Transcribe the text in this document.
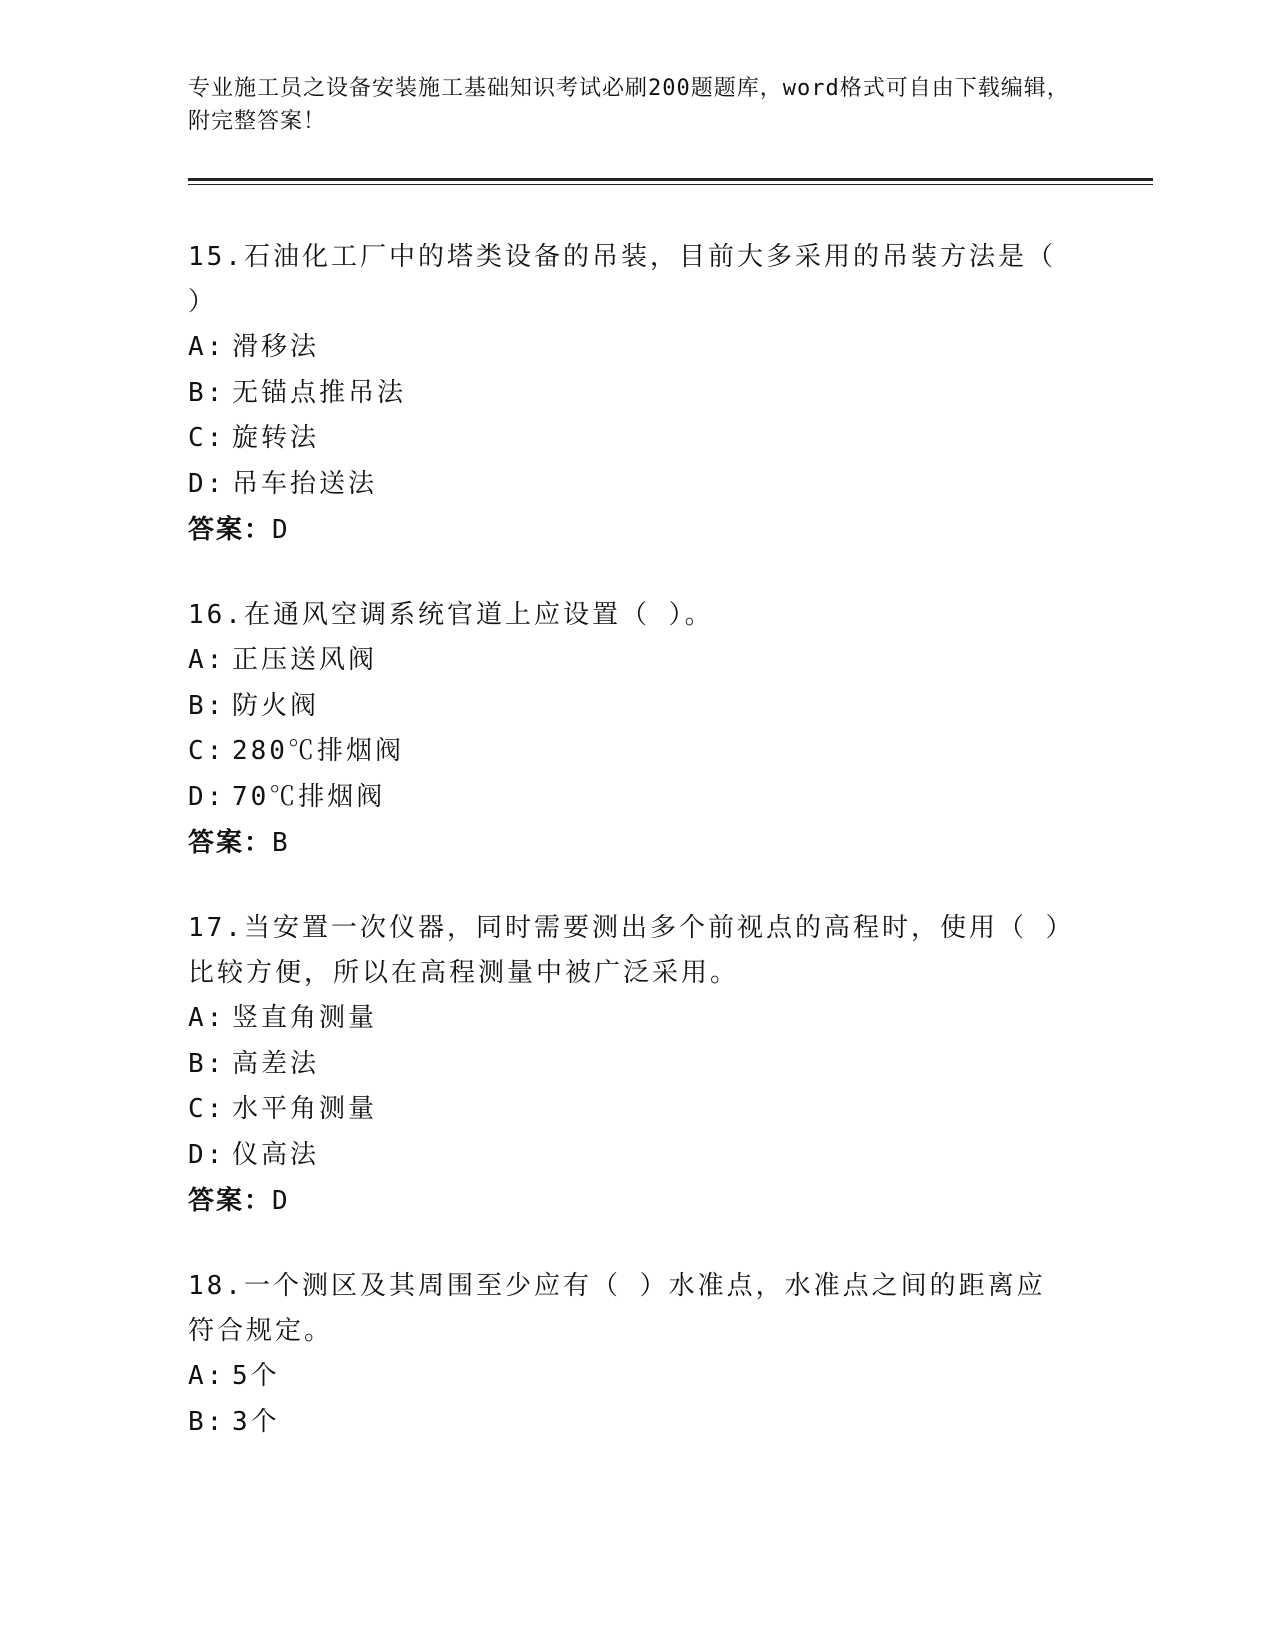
专业施工员之设备安装施工基础知识考试必刷200题题库，word格式可自由下载编辑，附完整答案！
15.石油化工厂中的塔类设备的吊装，目前大多采用的吊装方法是（ ）
A: 滑移法
B: 无锚点推吊法
C: 旋转法
D: 吊车抬送法
答案：D
16.在通风空调系统官道上应设置（ ）。
A: 正压送风阀
B: 防火阀
C: 280℃排烟阀
D: 70℃排烟阀
答案：B
17.当安置一次仪器，同时需要测出多个前视点的高程时，使用（ ）比较方便，所以在高程测量中被广泛采用。
A: 竖直角测量
B: 高差法
C: 水平角测量
D: 仪高法
答案：D
18.一个测区及其周围至少应有（ ）水准点，水准点之间的距离应符合规定。
A: 5个
B: 3个
